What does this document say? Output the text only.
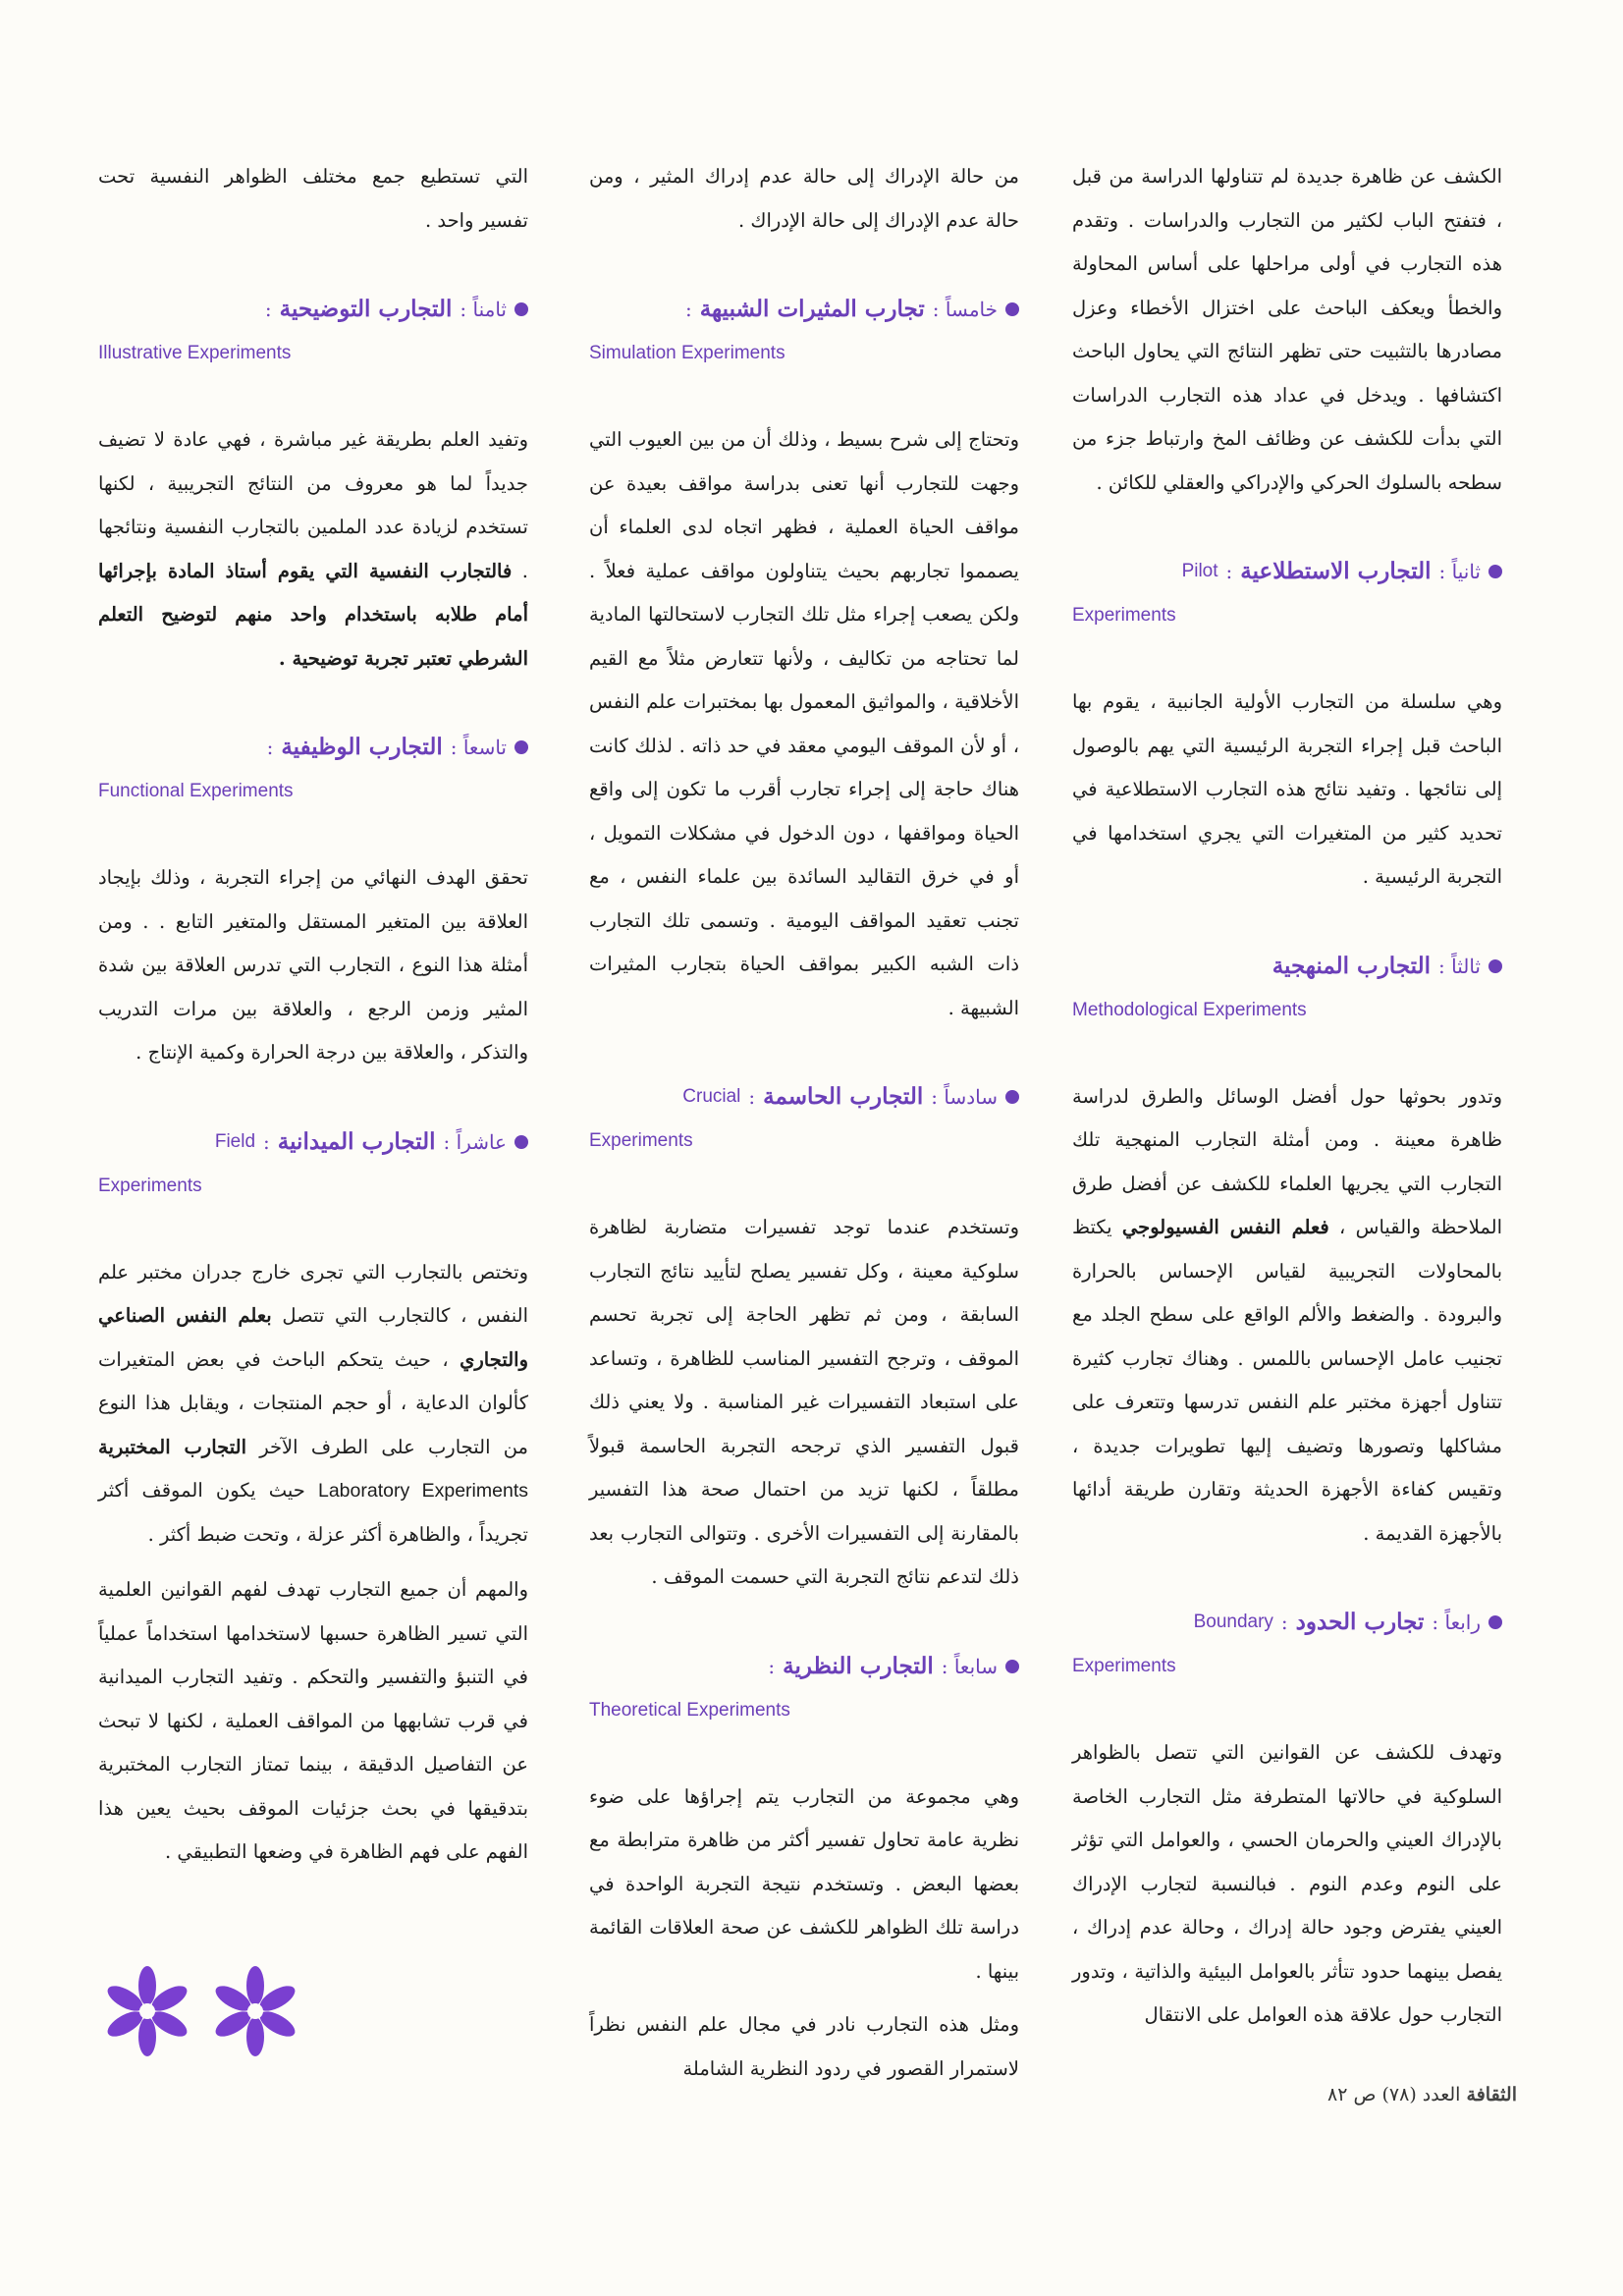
الكشف عن ظاهرة جديدة لم تتناولها الدراسة من قبل ، فتفتح الباب لكثير من التجارب والدراسات . وتقدم هذه التجارب في أولى مراحلها على أساس المحاولة والخطأ ويعكف الباحث على اختزال الأخطاء وعزل مصادرها بالتثبيت حتى تظهر النتائج التي يحاول الباحث اكتشافها . ويدخل في عداد هذه التجارب الدراسات التي بدأت للكشف عن وظائف المخ وارتباط جزء من سطحه بالسلوك الحركي والإدراكي والعقلي للكائن .

ثانياً :
التجارب الاستطلاعية
:
Pilot
Experiments

وهي سلسلة من التجارب الأولية الجانبية ، يقوم بها الباحث قبل إجراء التجربة الرئيسية التي يهم بالوصول إلى نتائجها . وتفيد نتائج هذه التجارب الاستطلاعية في تحديد كثير من المتغيرات التي يجري استخدامها في التجربة الرئيسية .

ثالثاً :
التجارب المنهجية
Methodological Experiments

وتدور بحوثها حول أفضل الوسائل والطرق لدراسة ظاهرة معينة . ومن أمثلة التجارب المنهجية تلك التجارب التي يجريها العلماء للكشف عن أفضل طرق الملاحظة والقياس ، فعلم النفس الفسيولوجي يكتظ بالمحاولات التجريبية لقياس الإحساس بالحرارة والبرودة . والضغط والألم الواقع على سطح الجلد مع تجنيب عامل الإحساس باللمس . وهناك تجارب كثيرة تتناول أجهزة مختبر علم النفس تدرسها وتتعرف على مشاكلها وتصورها وتضيف إليها تطويرات جديدة ، وتقيس كفاءة الأجهزة الحديثة وتقارن طريقة أدائها بالأجهزة القديمة .

رابعاً :
تجارب الحدود
:
Boundary
Experiments

وتهدف للكشف عن القوانين التي تتصل بالظواهر السلوكية في حالاتها المتطرفة مثل التجارب الخاصة بالإدراك العيني والحرمان الحسي ، والعوامل التي تؤثر على النوم وعدم النوم . فبالنسبة لتجارب الإدراك العيني يفترض وجود حالة إدراك ، وحالة عدم إدراك ، يفصل بينهما حدود تتأثر بالعوامل البيئية والذاتية ، وتدور التجارب حول علاقة هذه العوامل على الانتقال

من حالة الإدراك إلى حالة عدم إدراك المثير ، ومن حالة عدم الإدراك إلى حالة الإدراك .

خامساً :
تجارب المثيرات الشبيهة
:
Simulation Experiments

وتحتاج إلى شرح بسيط ، وذلك أن من بين العيوب التي وجهت للتجارب أنها تعنى بدراسة مواقف بعيدة عن مواقف الحياة العملية ، فظهر اتجاه لدى العلماء أن يصمموا تجاربهم بحيث يتناولون مواقف عملية فعلاً . ولكن يصعب إجراء مثل تلك التجارب لاستحالتها المادية لما تحتاجه من تكاليف ، ولأنها تتعارض مثلاً مع القيم الأخلاقية ، والمواثيق المعمول بها بمختبرات علم النفس ، أو لأن الموقف اليومي معقد في حد ذاته . لذلك كانت هناك حاجة إلى إجراء تجارب أقرب ما تكون إلى واقع الحياة ومواقفها ، دون الدخول في مشكلات التمويل ، أو في خرق التقاليد السائدة بين علماء النفس ، مع تجنب تعقيد المواقف اليومية . وتسمى تلك التجارب ذات الشبه الكبير بمواقف الحياة بتجارب المثيرات الشبيهة .

سادساً :
التجارب الحاسمة
:
Crucial
Experiments

وتستخدم عندما توجد تفسيرات متضاربة لظاهرة سلوكية معينة ، وكل تفسير يصلح لتأييد نتائج التجارب السابقة ، ومن ثم تظهر الحاجة إلى تجربة تحسم الموقف ، وترجح التفسير المناسب للظاهرة ، وتساعد على استبعاد التفسيرات غير المناسبة . ولا يعني ذلك قبول التفسير الذي ترجحه التجربة الحاسمة قبولاً مطلقاً ، لكنها تزيد من احتمال صحة هذا التفسير بالمقارنة إلى التفسيرات الأخرى . وتتوالى التجارب بعد ذلك لتدعم نتائج التجربة التي حسمت الموقف .

سابعاً :
التجارب النظرية
:
Theoretical Experiments

وهي مجموعة من التجارب يتم إجراؤها على ضوء نظرية عامة تحاول تفسير أكثر من ظاهرة مترابطة مع بعضها البعض . وتستخدم نتيجة التجربة الواحدة في دراسة تلك الظواهر للكشف عن صحة العلاقات القائمة بينها .

ومثل هذه التجارب نادر في مجال علم النفس نظراً لاستمرار القصور في ردود النظرية الشاملة

التي تستطيع جمع مختلف الظواهر النفسية تحت تفسير واحد .

ثامناً :
التجارب التوضيحية
:
Illustrative Experiments

وتفيد العلم بطريقة غير مباشرة ، فهي عادة لا تضيف جديداً لما هو معروف من النتائج التجريبية ، لكنها تستخدم لزيادة عدد الملمين بالتجارب النفسية ونتائجها . فالتجارب النفسية التي يقوم أستاذ المادة بإجرائها أمام طلابه باستخدام واحد منهم لتوضيح التعلم الشرطي تعتبر تجربة توضيحية .

تاسعاً :
التجارب الوظيفية
:
Functional Experiments

تحقق الهدف النهائي من إجراء التجربة ، وذلك بإيجاد العلاقة بين المتغير المستقل والمتغير التابع . . ومن أمثلة هذا النوع ، التجارب التي تدرس العلاقة بين شدة المثير وزمن الرجع ، والعلاقة بين مرات التدريب والتذكر ، والعلاقة بين درجة الحرارة وكمية الإنتاج .

عاشراً :
التجارب الميدانية
:
Field
Experiments

وتختص بالتجارب التي تجرى خارج جدران مختبر علم النفس ، كالتجارب التي تتصل بعلم النفس الصناعي والتجاري ، حيث يتحكم الباحث في بعض المتغيرات كألوان الدعاية ، أو حجم المنتجات ، ويقابل هذا النوع من التجارب على الطرف الآخر التجارب المختبرية Laboratory Experiments حيث يكون الموقف أكثر تجريداً ، والظاهرة أكثر عزلة ، وتحت ضبط أكثر .

والمهم أن جميع التجارب تهدف لفهم القوانين العلمية التي تسير الظاهرة حسبها لاستخدامها استخداماً عملياً في التنبؤ والتفسير والتحكم . وتفيد التجارب الميدانية في قرب تشابهها من المواقف العملية ، لكنها لا تبحث عن التفاصيل الدقيقة ، بينما تمتاز التجارب المختبرية بتدقيقها في بحث جزئيات الموقف بحيث يعين هذا الفهم على فهم الظاهرة في وضعها التطبيقي .

الثقافة العدد (٧٨) ص ٨٢
